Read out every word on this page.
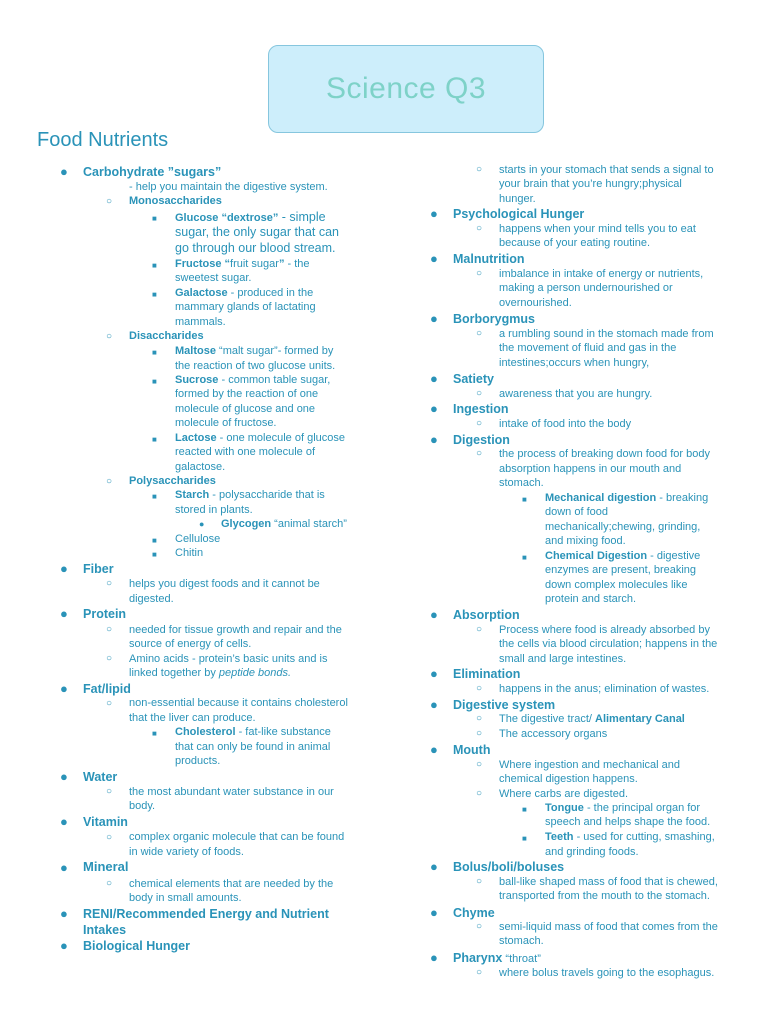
Science Q3
Food Nutrients
● Carbohydrate ”sugars”
- help you maintain the digestive system.
○ Monosaccharides
■ Glucose “dextrose” - simple
sugar, the only sugar that can
go through our blood stream.
■ Fructose “fruit sugar” - the
sweetest sugar.
■ Galactose - produced in the
mammary glands of lactating
mammals.
○ Disaccharides
■ Maltose “malt sugar”- formed by
the reaction of two glucose units.
■ Sucrose - common table sugar,
formed by the reaction of one
molecule of glucose and one
molecule of fructose.
■ Lactose - one molecule of glucose
reacted with one molecule of
galactose.
○ Polysaccharides
■ Starch - polysaccharide that is
stored in plants.
● Glycogen “animal starch”
■ Cellulose
■ Chitin
● Fiber
○ helps you digest foods and it cannot be
digested.
● Protein
○ needed for tissue growth and repair and the
source of energy of cells.
○ Amino acids - protein’s basic units and is
linked together by peptide bonds.
● Fat/lipid
○ non-essential because it contains cholesterol
that the liver can produce.
■ Cholesterol - fat-like substance
that can only be found in animal
products.
● Water
○ the most abundant water substance in our
body.
● Vitamin
○ complex organic molecule that can be found
in wide variety of foods.
● Mineral
○ chemical elements that are needed by the
body in small amounts.
● RENI/Recommended Energy and Nutrient
Intakes
● Biological Hunger
○ starts in your stomach that sends a signal to
your brain that you’re hungry;physical
hunger.
● Psychological Hunger
○ happens when your mind tells you to eat
because of your eating routine.
● Malnutrition
○ imbalance in intake of energy or nutrients,
making a person undernourished or
overnourished.
● Borborygmus
○ a rumbling sound in the stomach made from
the movement of fluid and gas in the
intestines;occurs when hungry,
● Satiety
○ awareness that you are hungry.
● Ingestion
○ intake of food into the body
● Digestion
○ the process of breaking down food for body
absorption happens in our mouth and
stomach.
■ Mechanical digestion - breaking
down of food
mechanically;chewing, grinding,
and mixing food.
■ Chemical Digestion - digestive
enzymes are present, breaking
down complex molecules like
protein and starch.
● Absorption
○ Process where food is already absorbed by
the cells via blood circulation; happens in the
small and large intestines.
● Elimination
○ happens in the anus; elimination of wastes.
● Digestive system
○ The digestive tract/ Alimentary Canal
○ The accessory organs
● Mouth
○ Where ingestion and mechanical and
chemical digestion happens.
○ Where carbs are digested.
■ Tongue - the principal organ for
speech and helps shape the food.
■ Teeth - used for cutting, smashing,
and grinding foods.
● Bolus/boli/boluses
○ ball-like shaped mass of food that is chewed,
transported from the mouth to the stomach.
● Chyme
○ semi-liquid mass of food that comes from the
stomach.
● Pharynx “throat”
○ where bolus travels going to the esophagus.
